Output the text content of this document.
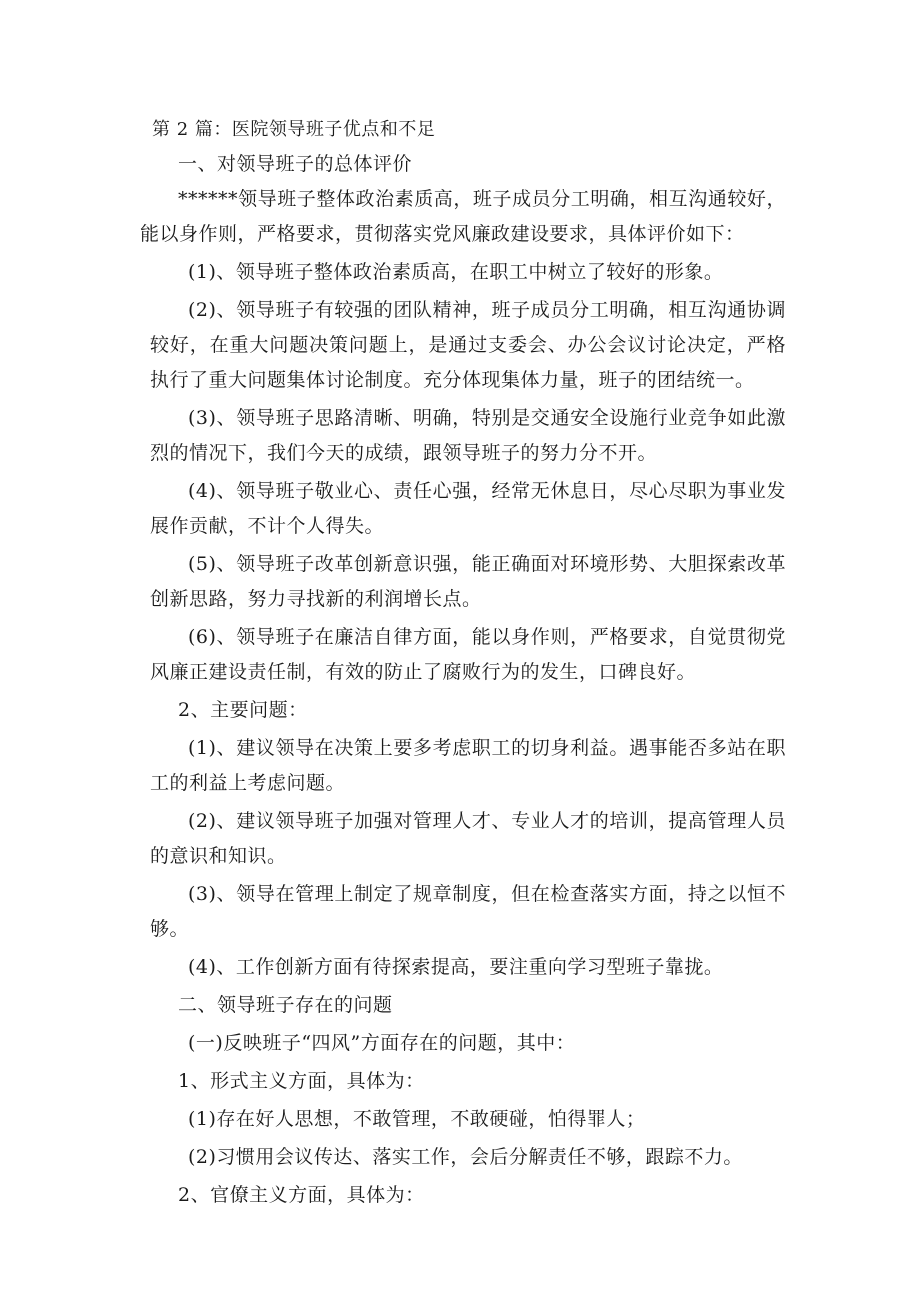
第 2 篇：医院领导班子优点和不足

一、对领导班子的总体评价

******领导班子整体政治素质高，班子成员分工明确，相互沟通较好，能以身作则，严格要求，贯彻落实党风廉政建设要求，具体评价如下：

(1)、领导班子整体政治素质高，在职工中树立了较好的形象。

(2)、领导班子有较强的团队精神，班子成员分工明确，相互沟通协调较好，在重大问题决策问题上，是通过支委会、办公会议讨论决定，严格执行了重大问题集体讨论制度。充分体现集体力量，班子的团结统一。

(3)、领导班子思路清晰、明确，特别是交通安全设施行业竞争如此激烈的情况下，我们今天的成绩，跟领导班子的努力分不开。

(4)、领导班子敬业心、责任心强，经常无休息日，尽心尽职为事业发展作贡献，不计个人得失。

(5)、领导班子改革创新意识强，能正确面对环境形势、大胆探索改革创新思路，努力寻找新的利润增长点。

(6)、领导班子在廉洁自律方面，能以身作则，严格要求，自觉贯彻党风廉正建设责任制，有效的防止了腐败行为的发生，口碑良好。

2、主要问题：

(1)、建议领导在决策上要多考虑职工的切身利益。遇事能否多站在职工的利益上考虑问题。

(2)、建议领导班子加强对管理人才、专业人才的培训，提高管理人员的意识和知识。

(3)、领导在管理上制定了规章制度，但在检查落实方面，持之以恒不够。

(4)、工作创新方面有待探索提高，要注重向学习型班子靠拢。

二、领导班子存在的问题

(一)反映班子“四风”方面存在的问题，其中：

1、形式主义方面，具体为：

(1)存在好人思想，不敢管理，不敢硬碰，怕得罪人；

(2)习惯用会议传达、落实工作，会后分解责任不够，跟踪不力。

2、官僚主义方面，具体为：
